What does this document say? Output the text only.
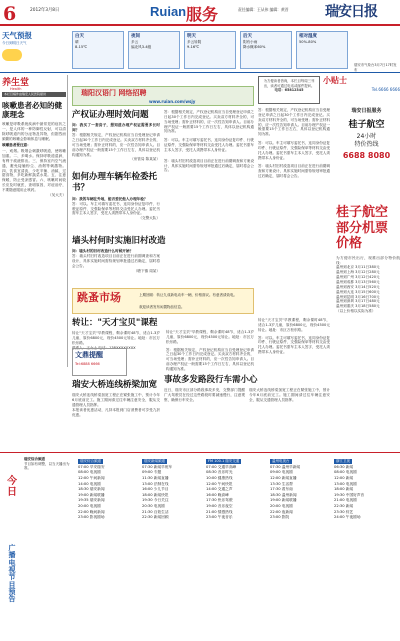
6	2012年3月8日	Ruian 服务	责任编辑：王从伟 编辑：黄晋	瑞安日报
天气预报
今日到明日天气
白天
晴
8-15℃
夜间
多云
偏北风3-4级
明天
多云转阴
9-16℃
后天
阴有小雨
降水概率60%
相对湿度
50%-80%
瑞安市气象台3月7日17时发布
养生堂
Health
本栏目稿件由瑞安人民医院提供
咳嗽患者必知的健康理念

咳嗽是呼吸系统疾病中最常见的症状之一，是人体的一种防御性反射，可以清除呼吸道内的分泌物及异物，但剧烈而频繁的咳嗽会影响休息与睡眠。

咳嗽患者要注意：

一、戒烟。吸烟会刺激呼吸道，使咳嗽加重。二、多喝水。保持呼吸道湿润，有利于痰液排出。三、保持室内空气流通，避免接触粉尘、油烟等刺激物。四、饮食宜清淡，少吃辛辣、油腻、过甜食物，多吃新鲜蔬菜水果。五、注意保暖，防止受凉感冒。六、咳嗽时间较长应及时就医，查明原因，对症治疗，不要随意服用止咳药。

（吴大夫）

瑞阳汉语门 网络招聘
www.ruian.com/wsjy
产权证办理时效问题

问：我买了一套房子，想知道办理产权证需要多长时间？

答：根据相关规定，产权登记机构应当自受理登记申请之日起30个工作日内完成登记。买卖双方材料齐全的，可当场受理；需补正材料的，应一次性告知申请人。目前办理产权证一般需要15个工作日左右，具体以登记机构通知为准。

（房管局 陈某某）

如何办理车辆年检委托书？

问：我的车辆在外地，能否委托他人办理年检？

答：可以。车主可填写委托书，连同身份证复印件、行驶证原件、交强险保单等材料交由受托人办理。委托书需车主本人签字，受托人须携带本人身份证。

（交警大队）

墙头村何时实施旧村改造

问：墙头村的旧村改造什么时候开始？

答：墙头村旧村改造项目目前正在进行前期调查和方案设计，具体实施时间需待规划审批通过后确定，届时将会公告。

（塘下镇 周某）

答：根据相关规定，产权登记机构应当自受理登记申请之日起30个工作日内完成登记。买卖双方材料齐全的，可当场受理；需补正材料的，应一次性告知申请人。目前办理产权证一般需要15个工作日左右，具体以登记机构通知为准。

答：可以。车主可填写委托书，连同身份证复印件、行驶证原件、交强险保单等材料交由受托人办理。委托书需车主本人签字，受托人须携带本人身份证。

答：墙头村旧村改造项目目前正在进行前期调查和方案设计，具体实施时间需待规划审批通过后确定，届时将会公告。

为方便读者咨询，本栏目每周三刊出，读者可通过电话或邮件提问。
电话：65812345
小贴士
Tel.6666 6666

答：根据相关规定，产权登记机构应当自受理登记申请之日起30个工作日内完成登记。买卖双方材料齐全的，可当场受理；需补正材料的，应一次性告知申请人。目前办理产权证一般需要15个工作日左右，具体以登记机构通知为准。

答：可以。车主可填写委托书，连同身份证复印件、行驶证原件、交强险保单等材料交由受托人办理。委托书需车主本人签字，受托人须携带本人身份证。

答：墙头村旧村改造项目目前正在进行前期调查和方案设计，具体实施时间需待规划审批通过后确定，届时将会公告。

瑞安日报服务
桂子航空
24小时
特价热线
6688 8080
桂子航空部分机票价格

为方便市民出行，现推出部分特价航线：

温州到北京 3月11日380元
温州到上海 3月12日280元
温州到广州 3月12日420元
温州到成都 3月13日560元
温州到西安 3月14日520元
温州到大连 3月15日600元
温州到昆明 3月16日700元
温州到深圳 3月17日480元
温州到重庆 3月18日580元

（以上价格以实际为准）

跳蚤市场	上期回顾：转让九成新电动车一辆，价格面议。有意者请致电。
欢迎读者发布闲置物品信息。
转让："天才宝贝"课程

转让"天才宝贝"早教课程，剩余课时48节，适合1-3岁儿童，原价6800元，现价4500元转让。地址：市区万松东路。

联系人：王女士 电话：138XXXXXXXX

转让"天才宝贝"早教课程，剩余课时48节，适合1-3岁儿童，原价6800元，现价4500元转让。地址：市区万松东路。

答：根据相关规定，产权登记机构应当自受理登记申请之日起30个工作日内完成登记。买卖双方材料齐全的，可当场受理；需补正材料的，应一次性告知申请人。目前办理产权证一般需要15个工作日左右，具体以登记机构通知为准。

转让"天才宝贝"早教课程，剩余课时48节，适合1-3岁儿童，原价6800元，现价4500元转让。地址：市区万松东路。

答：可以。车主可填写委托书，连同身份证复印件、行驶证原件、交强险保单等材料交由受托人办理。委托书需车主本人签字，受托人须携带本人身份证。

文鼎提醒
Tel:6888 6666
瑞安大桥连线桥梁加宽

瑞安大桥连线桥梁加宽工程正在紧张施工中，预计今年6月底前完工。施工期间请过往车辆注意安全，服从交通管理人员指挥。

本报读者优惠活动，凡持本报到门店消费者可享受九折优惠。

事故多发路段行车需小心

近日，瑞安市区部分路段事故多发，交警部门提醒广大驾驶员在经过这些路段时要减速慢行，注意观察，确保行车安全。

瑞安大桥连线桥梁加宽工程正在紧张施工中，预计今年6月底前完工。施工期间请过往车辆注意安全，服从交通管理人员指挥。

今日
广播电视节目预告
瑞安综合频道
节目如有调整，以当天播出为准。
瑞安综合频道
07:00 早安瑞安
08:00 电视剧
12:00 午间新闻
14:00 电视剧
18:30 瑞安新闻
19:00 新闻联播
19:35 瑞安新闻
20:00 电视剧
22:00 晚间新闻
23:00 影视剧场
瑞安新闻频道
07:30 新闻早班车
09:00 专题
11:30 新闻直播
13:00 法制在线
16:00 少儿节目
18:00 新闻快报
19:30 今日关注
20:30 电视剧
21:30 百姓生活
22:30 新闻回顾
FM 100.1 瑞安交通
07:00 交通早高峰
08:30 音乐时光
10:00 健康热线
12:00 午间快报
14:00 交通之声
16:00 晚高峰
17:30 快乐驾驶
19:00 音乐夜空
21:00 情感热线
23:00 午夜音乐
温州电视台
07:30 温州早新闻
09:00 电视剧
12:00 新闻直播
13:30 生活帮
17:30 看东南
18:30 温州新闻
19:00 新闻联播
20:00 电视剧
22:00 夜新闻
23:00 影院
浙江卫视
06:30 新闻
08:00 电视剧
12:00 新闻
13:00 电视剧
18:00 新闻
19:30 中国好声音
21:00 电视剧
22:30 新闻
23:30 综艺
24:00 午夜剧场
